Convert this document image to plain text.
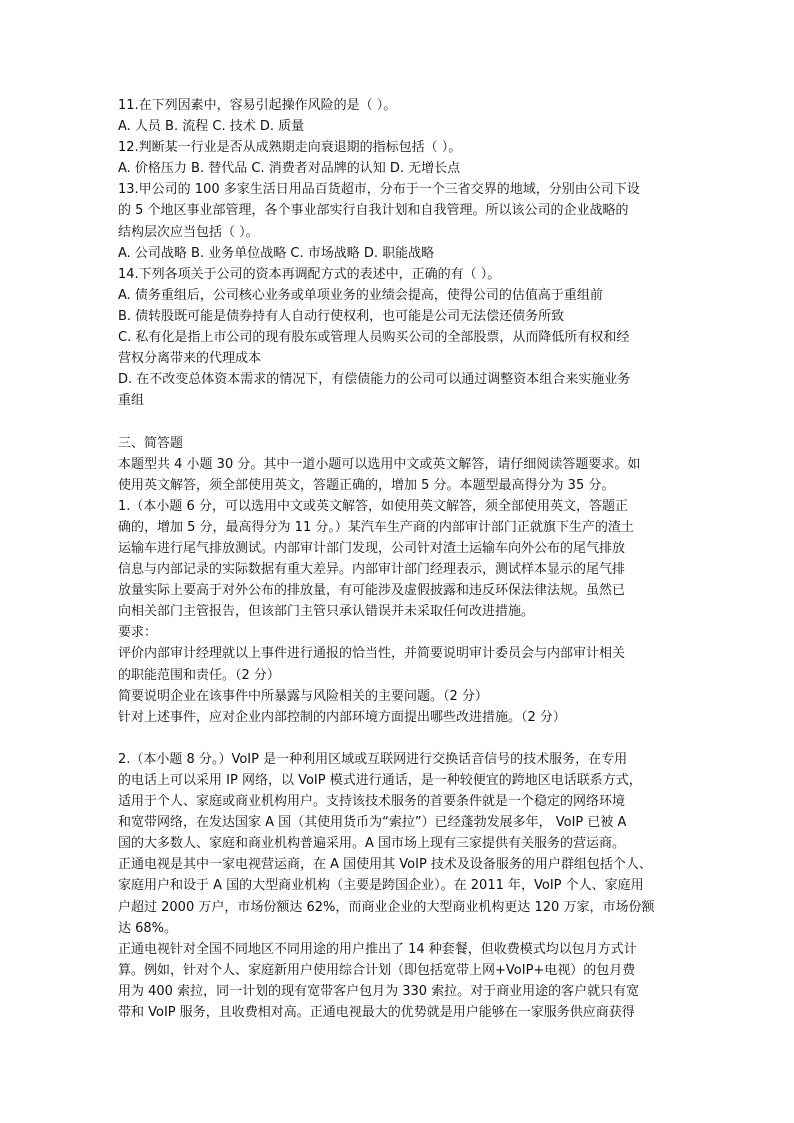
11.在下列因素中，容易引起操作风险的是（ ）。
A. 人员 B. 流程 C. 技术 D. 质量
12.判断某一行业是否从成熟期走向衰退期的指标包括（ ）。
A. 价格压力 B. 替代品 C. 消费者对品牌的认知 D. 无增长点
13.甲公司的 100 多家生活日用品百货超市，分布于一个三省交界的地域，分别由公司下设
的 5 个地区事业部管理，各个事业部实行自我计划和自我管理。所以该公司的企业战略的
结构层次应当包括（ ）。
A. 公司战略 B. 业务单位战略 C. 市场战略 D. 职能战略
14.下列各项关于公司的资本再调配方式的表述中，正确的有（ ）。
A. 债务重组后，公司核心业务或单项业务的业绩会提高，使得公司的估值高于重组前
B. 债转股既可能是债券持有人自动行使权利，也可能是公司无法偿还债务所致
C. 私有化是指上市公司的现有股东或管理人员购买公司的全部股票，从而降低所有权和经
营权分离带来的代理成本
D. 在不改变总体资本需求的情况下，有偿债能力的公司可以通过调整资本组合来实施业务
重组
三、简答题
本题型共 4 小题 30 分。其中一道小题可以选用中文或英文解答，请仔细阅读答题要求。如
使用英文解答，须全部使用英文，答题正确的，增加 5 分。本题型最高得分为 35 分。
1.（本小题 6 分，可以选用中文或英文解答，如使用英文解答，须全部使用英文，答题正
确的，增加 5 分，最高得分为 11 分。）某汽车生产商的内部审计部门正就旗下生产的渣土
运输车进行尾气排放测试。内部审计部门发现，公司针对渣土运输车向外公布的尾气排放
信息与内部记录的实际数据有重大差异。内部审计部门经理表示，测试样本显示的尾气排
放量实际上要高于对外公布的排放量，有可能涉及虚假披露和违反环保法律法规。虽然已
向相关部门主管报告，但该部门主管只承认错误并未采取任何改进措施。
要求：
评价内部审计经理就以上事件进行通报的恰当性，并简要说明审计委员会与内部审计相关
的职能范围和责任。（2 分）
简要说明企业在该事件中所暴露与风险相关的主要问题。（2 分）
针对上述事件，应对企业内部控制的内部环境方面提出哪些改进措施。（2 分）
2.（本小题 8 分。）VoIP 是一种利用区域或互联网进行交换话音信号的技术服务，在专用
的电话上可以采用 IP 网络，以 VoIP 模式进行通话，是一种较便宜的跨地区电话联系方式，
适用于个人、家庭或商业机构用户。支持该技术服务的首要条件就是一个稳定的网络环境
和宽带网络，在发达国家 A 国（其使用货币为“索拉”）已经蓬勃发展多年， VoIP 已被 A
国的大多数人、家庭和商业机构普遍采用。A 国市场上现有三家提供有关服务的营运商。
正通电视是其中一家电视营运商，在 A 国使用其 VoIP 技术及设备服务的用户群组包括个人、
家庭用户和设于 A 国的大型商业机构（主要是跨国企业）。在 2011 年，VoIP 个人、家庭用
户超过 2000 万户，市场份额达 62%，而商业企业的大型商业机构更达 120 万家，市场份额
达 68%。
正通电视针对全国不同地区不同用途的用户推出了 14 种套餐，但收费模式均以包月方式计
算。例如，针对个人、家庭新用户使用综合计划（即包括宽带上网+VoIP+电视）的包月费
用为 400 索拉，同一计划的现有宽带客户包月为 330 索拉。对于商业用途的客户就只有宽
带和 VoIP 服务，且收费相对高。正通电视最大的优势就是用户能够在一家服务供应商获得
